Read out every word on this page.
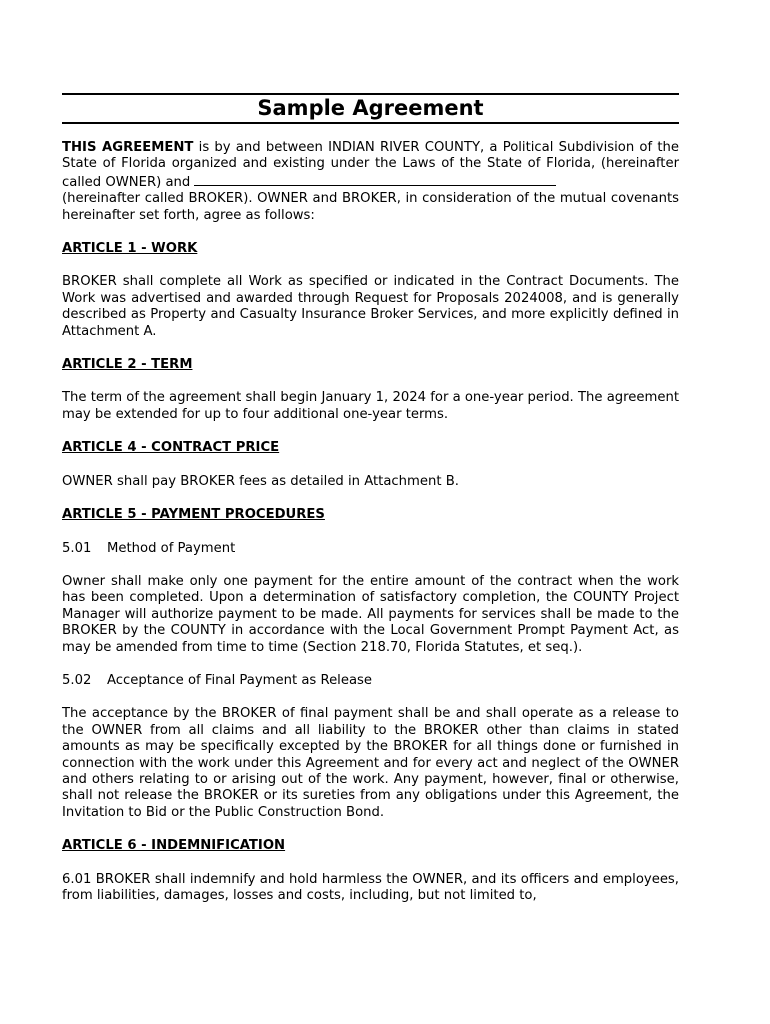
Sample Agreement

THIS AGREEMENT is by and between INDIAN RIVER COUNTY, a Political Subdivision of the State of Florida organized and existing under the Laws of the State of Florida, (hereinafter called OWNER) and
(hereinafter called BROKER). OWNER and BROKER, in consideration of the mutual covenants hereinafter set forth, agree as follows:

ARTICLE 1 - WORK

BROKER shall complete all Work as specified or indicated in the Contract Documents. The Work was advertised and awarded through Request for Proposals 2024008, and is generally described as Property and Casualty Insurance Broker Services, and more explicitly defined in Attachment A.

ARTICLE 2 - TERM

The term of the agreement shall begin January 1, 2024 for a one-year period. The agreement may be extended for up to four additional one-year terms.

ARTICLE 4 - CONTRACT PRICE

OWNER shall pay BROKER fees as detailed in Attachment B.

ARTICLE 5 - PAYMENT PROCEDURES

5.01 Method of Payment

Owner shall make only one payment for the entire amount of the contract when the work has been completed. Upon a determination of satisfactory completion, the COUNTY Project Manager will authorize payment to be made. All payments for services shall be made to the BROKER by the COUNTY in accordance with the Local Government Prompt Payment Act, as may be amended from time to time (Section 218.70, Florida Statutes, et seq.).

5.02 Acceptance of Final Payment as Release

The acceptance by the BROKER of final payment shall be and shall operate as a release to the OWNER from all claims and all liability to the BROKER other than claims in stated amounts as may be specifically excepted by the BROKER for all things done or furnished in connection with the work under this Agreement and for every act and neglect of the OWNER and others relating to or arising out of the work. Any payment, however, final or otherwise, shall not release the BROKER or its sureties from any obligations under this Agreement, the Invitation to Bid or the Public Construction Bond.

ARTICLE 6 - INDEMNIFICATION

6.01 BROKER shall indemnify and hold harmless the OWNER, and its officers and employees, from liabilities, damages, losses and costs, including, but not limited to,
